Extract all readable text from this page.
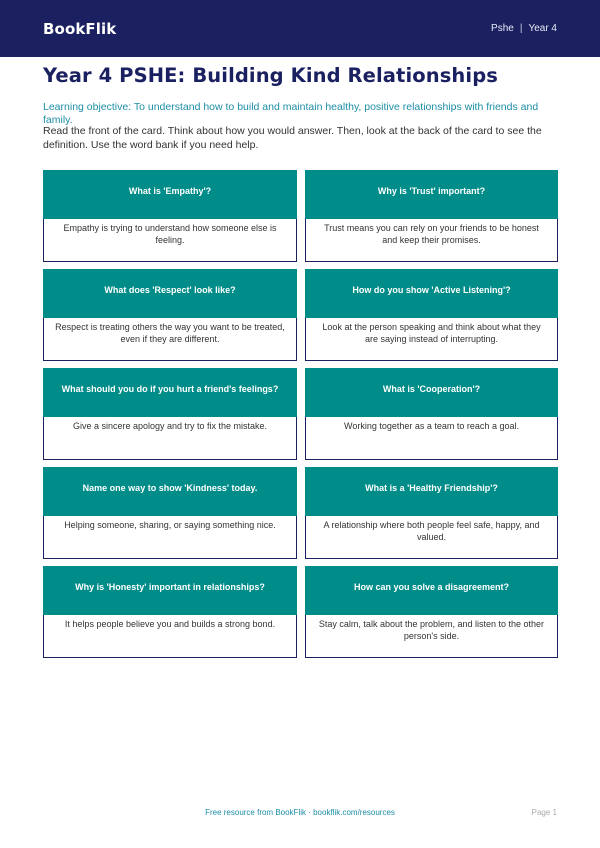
BookFlik	Pshe | Year 4
Year 4 PSHE: Building Kind Relationships

Learning objective: To understand how to build and maintain healthy, positive relationships with friends and family.

Read the front of the card. Think about how you would answer. Then, look at the back of the card to see the definition. Use the word bank if you need help.

What is 'Empathy'?
Empathy is trying to understand how someone else is feeling.
Why is 'Trust' important?
Trust means you can rely on your friends to be honest and keep their promises.
What does 'Respect' look like?
Respect is treating others the way you want to be treated, even if they are different.
How do you show 'Active Listening'?
Look at the person speaking and think about what they are saying instead of interrupting.
What should you do if you hurt a friend's feelings?
Give a sincere apology and try to fix the mistake.
What is 'Cooperation'?
Working together as a team to reach a goal.
Name one way to show 'Kindness' today.
Helping someone, sharing, or saying something nice.
What is a 'Healthy Friendship'?
A relationship where both people feel safe, happy, and valued.
Why is 'Honesty' important in relationships?
It helps people believe you and builds a strong bond.
How can you solve a disagreement?
Stay calm, talk about the problem, and listen to the other person's side.
Free resource from BookFlik · bookflik.com/resources	Page 1
